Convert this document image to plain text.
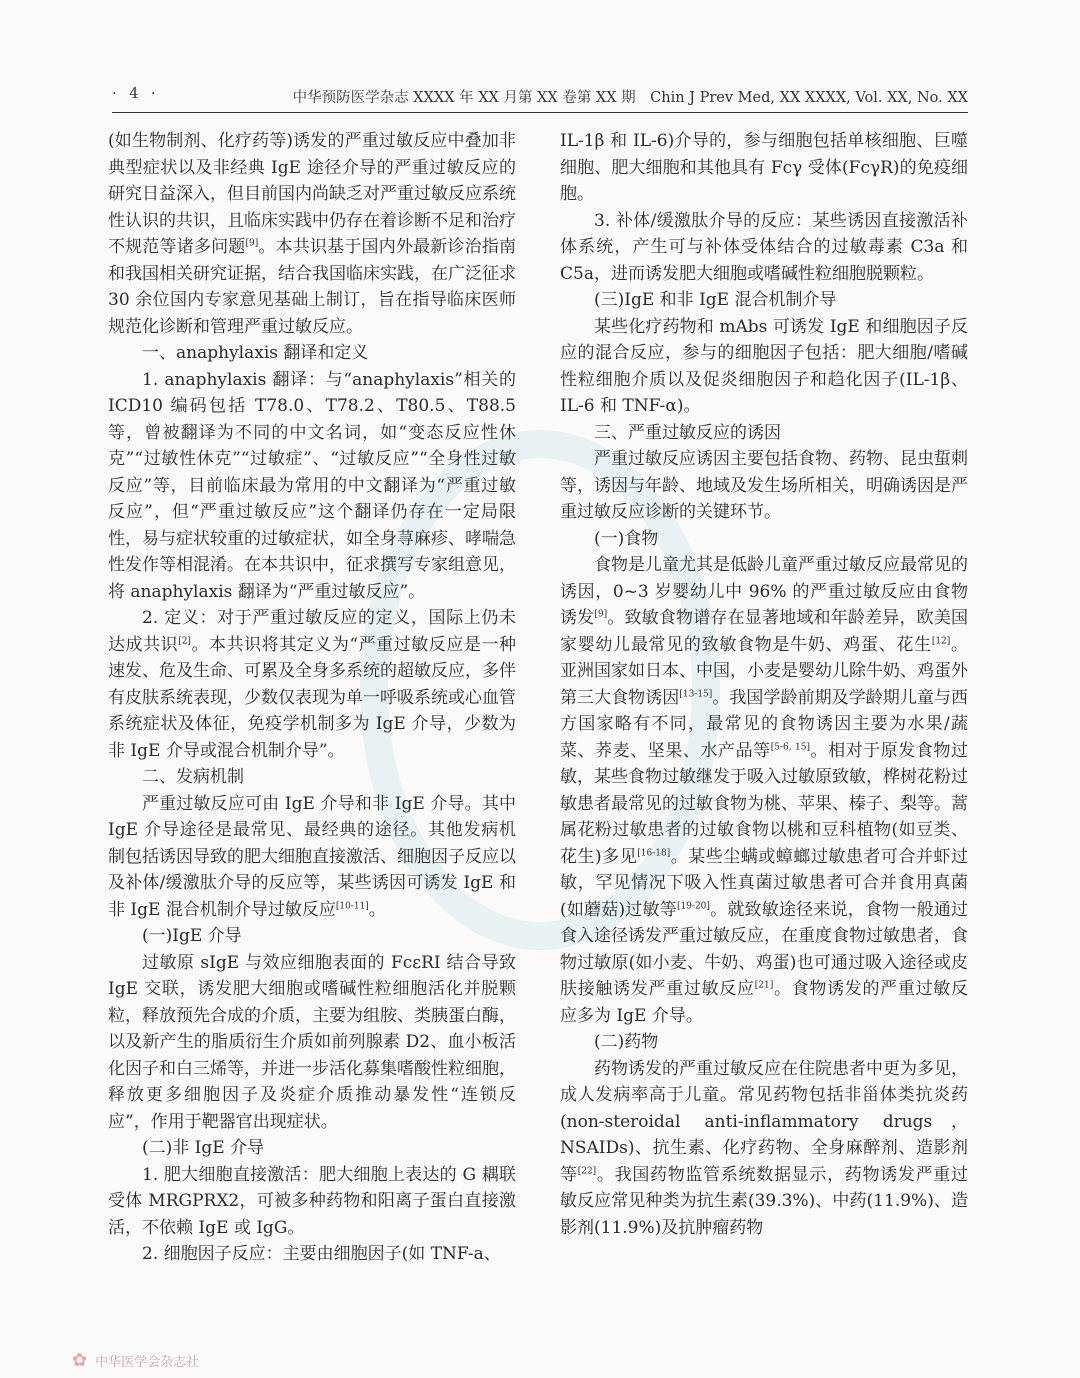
· 4 ·	中华预防医学杂志 XXXX 年 XX 月第 XX 卷第 XX 期　Chin J Prev Med, XX XXXX, Vol. XX, No. XX

(如生物制剂、化疗药等)诱发的严重过敏反应中叠加非典型症状以及非经典 IgE 途径介导的严重过敏反应的研究日益深入，但目前国内尚缺乏对严重过敏反应系统性认识的共识，且临床实践中仍存在着诊断不足和治疗不规范等诸多问题[9]。本共识基于国内外最新诊治指南和我国相关研究证据，结合我国临床实践，在广泛征求 30 余位国内专家意见基础上制订，旨在指导临床医师规范化诊断和管理严重过敏反应。

一、anaphylaxis 翻译和定义

1. anaphylaxis 翻译：与“anaphylaxis”相关的 ICD10 编码包括 T78.0、T78.2、T80.5、T88.5 等，曾被翻译为不同的中文名词，如“变态反应性休克”“过敏性休克”“过敏症”、“过敏反应”“全身性过敏反应”等，目前临床最为常用的中文翻译为“严重过敏反应”，但“严重过敏反应”这个翻译仍存在一定局限性，易与症状较重的过敏症状，如全身荨麻疹、哮喘急性发作等相混淆。在本共识中，征求撰写专家组意见，将 anaphylaxis 翻译为“严重过敏反应”。

2. 定义：对于严重过敏反应的定义，国际上仍未达成共识[2]。本共识将其定义为“严重过敏反应是一种速发、危及生命、可累及全身多系统的超敏反应，多伴有皮肤系统表现，少数仅表现为单一呼吸系统或心血管系统症状及体征，免疫学机制多为 IgE 介导，少数为非 IgE 介导或混合机制介导”。

二、发病机制

严重过敏反应可由 IgE 介导和非 IgE 介导。其中 IgE 介导途径是最常见、最经典的途径。其他发病机制包括诱因导致的肥大细胞直接激活、细胞因子反应以及补体/缓激肽介导的反应等，某些诱因可诱发 IgE 和非 IgE 混合机制介导过敏反应[10-11]。

(一)IgE 介导

过敏原 sIgE 与效应细胞表面的 FcεRI 结合导致 IgE 交联，诱发肥大细胞或嗜碱性粒细胞活化并脱颗粒，释放预先合成的介质，主要为组胺、类胰蛋白酶，以及新产生的脂质衍生介质如前列腺素 D2、血小板活化因子和白三烯等，并进一步活化募集嗜酸性粒细胞，释放更多细胞因子及炎症介质推动暴发性“连锁反应”，作用于靶器官出现症状。

(二)非 IgE 介导

1. 肥大细胞直接激活：肥大细胞上表达的 G 耦联受体 MRGPRX2，可被多种药物和阳离子蛋白直接激活，不依赖 IgE 或 IgG。

2. 细胞因子反应：主要由细胞因子(如 TNF-a、

IL-1β 和 IL-6)介导的，参与细胞包括单核细胞、巨噬细胞、肥大细胞和其他具有 Fcγ 受体(FcγR)的免疫细胞。

3. 补体/缓激肽介导的反应：某些诱因直接激活补体系统，产生可与补体受体结合的过敏毒素 C3a 和 C5a，进而诱发肥大细胞或嗜碱性粒细胞脱颗粒。

(三)IgE 和非 IgE 混合机制介导

某些化疗药物和 mAbs 可诱发 IgE 和细胞因子反应的混合反应，参与的细胞因子包括：肥大细胞/嗜碱性粒细胞介质以及促炎细胞因子和趋化因子(IL-1β、IL-6 和 TNF-α)。

三、严重过敏反应的诱因

严重过敏反应诱因主要包括食物、药物、昆虫蜇刺等，诱因与年龄、地域及发生场所相关，明确诱因是严重过敏反应诊断的关键环节。

(一)食物

食物是儿童尤其是低龄儿童严重过敏反应最常见的诱因，0~3 岁婴幼儿中 96% 的严重过敏反应由食物诱发[9]。致敏食物谱存在显著地域和年龄差异，欧美国家婴幼儿最常见的致敏食物是牛奶、鸡蛋、花生[12]。亚洲国家如日本、中国，小麦是婴幼儿除牛奶、鸡蛋外第三大食物诱因[13-15]。我国学龄前期及学龄期儿童与西方国家略有不同，最常见的食物诱因主要为水果/蔬菜、荞麦、坚果、水产品等[5-6, 15]。相对于原发食物过敏，某些食物过敏继发于吸入过敏原致敏，桦树花粉过敏患者最常见的过敏食物为桃、苹果、榛子、梨等。蒿属花粉过敏患者的过敏食物以桃和豆科植物(如豆类、花生)多见[16-18]。某些尘螨或蟑螂过敏患者可合并虾过敏，罕见情况下吸入性真菌过敏患者可合并食用真菌(如蘑菇)过敏等[19-20]。就致敏途径来说，食物一般通过食入途径诱发严重过敏反应，在重度食物过敏患者，食物过敏原(如小麦、牛奶、鸡蛋)也可通过吸入途径或皮肤接触诱发严重过敏反应[21]。食物诱发的严重过敏反应多为 IgE 介导。

(二)药物

药物诱发的严重过敏反应在住院患者中更为多见，成人发病率高于儿童。常见药物包括非甾体类抗炎药(non-steroidal anti-inflammatory drugs，NSAIDs)、抗生素、化疗药物、全身麻醉剂、造影剂等[22]。我国药物监管系统数据显示，药物诱发严重过敏反应常见种类为抗生素(39.3%)、中药(11.9%)、造影剂(11.9%)及抗肿瘤药物

✿ 中华医学会杂志社
